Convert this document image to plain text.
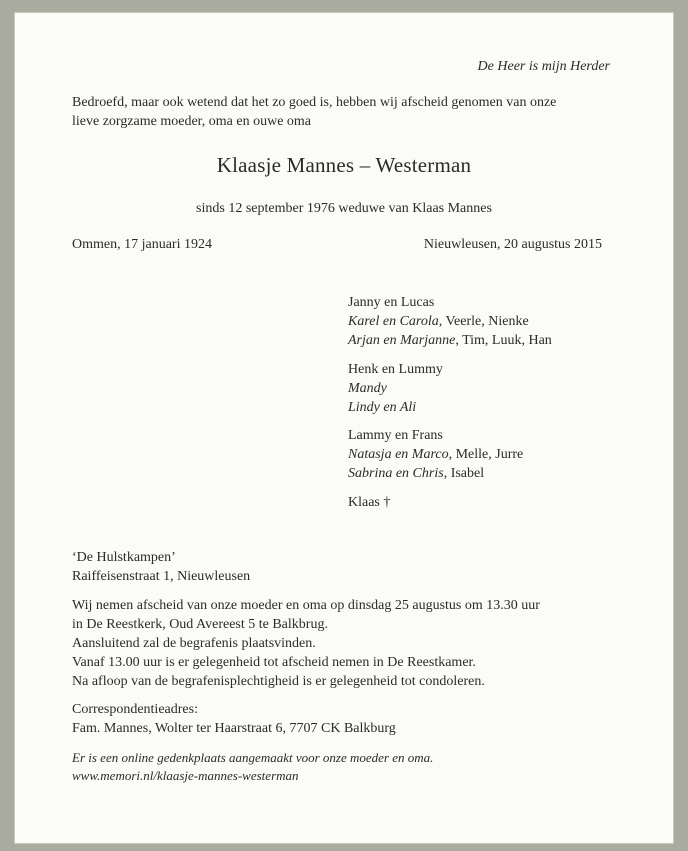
De Heer is mijn Herder
Bedroefd, maar ook wetend dat het zo goed is, hebben wij afscheid genomen van onze
lieve zorgzame moeder, oma en ouwe oma
Klaasje Mannes – Westerman
sinds 12 september 1976 weduwe van Klaas Mannes
Ommen, 17 januari 1924	Nieuwleusen, 20 augustus 2015
Janny en Lucas
Karel en Carola, Veerle, Nienke
Arjan en Marjanne, Tim, Luuk, Han
Henk en Lummy
Mandy
Lindy en Ali
Lammy en Frans
Natasja en Marco, Melle, Jurre
Sabrina en Chris, Isabel
Klaas †
‘De Hulstkampen’
Raiffeisenstraat 1, Nieuwleusen
Wij nemen afscheid van onze moeder en oma op dinsdag 25 augustus om 13.30 uur
in De Reestkerk, Oud Avereest 5 te Balkbrug.
Aansluitend zal de begrafenis plaatsvinden.
Vanaf 13.00 uur is er gelegenheid tot afscheid nemen in De Reestkamer.
Na afloop van de begrafenisplechtigheid is er gelegenheid tot condoleren.
Correspondentieadres:
Fam. Mannes, Wolter ter Haarstraat 6, 7707 CK Balkburg
Er is een online gedenkplaats aangemaakt voor onze moeder en oma.
www.memori.nl/klaasje-mannes-westerman
